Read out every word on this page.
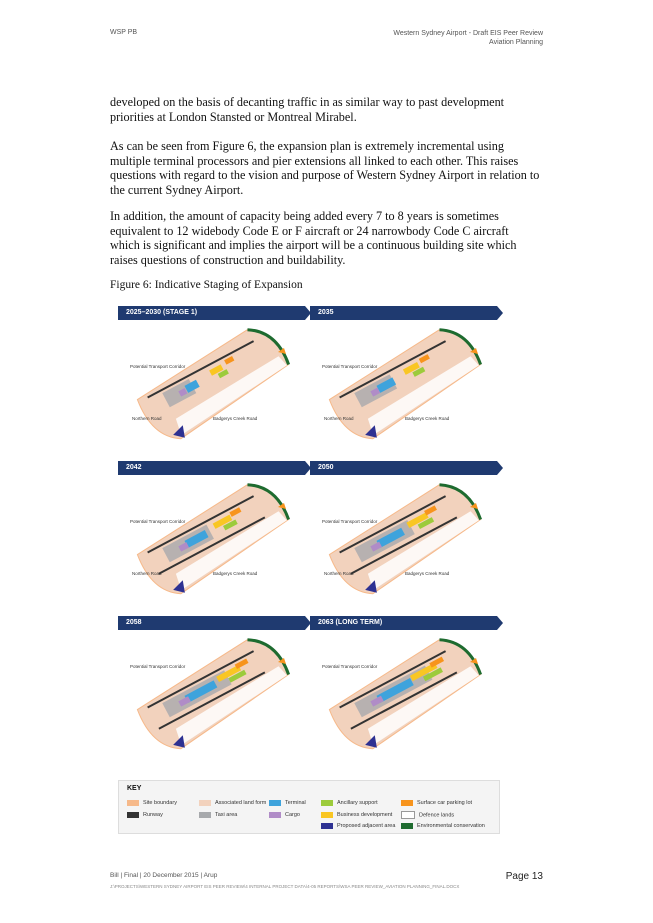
WSP PB	Western Sydney Airport - Draft EIS Peer Review
Aviation Planning
developed on the basis of decanting traffic in as similar way to past development priorities at London Stansted or Montreal Mirabel.
As can be seen from Figure 6, the expansion plan is extremely incremental using multiple terminal processors and pier extensions all linked to each other. This raises questions with regard to the vision and purpose of Western Sydney Airport in relation to the current Sydney Airport.
In addition, the amount of capacity being added every 7 to 8 years is sometimes equivalent to 12 widebody Code E or F aircraft or 24 narrowbody Code C aircraft which is significant and implies the airport will be a continuous building site which raises questions of construction and buildability.
Figure 6: Indicative Staging of Expansion
2025–2030 (STAGE 1)
Potential Transport Corridor
Northern Road	Badgerys Creek Road
2035
Potential Transport Corridor
Northern Road	Badgerys Creek Road
2042
Potential Transport Corridor
Northern Road	Badgerys Creek Road
2050
Potential Transport Corridor
Northern Road	Badgerys Creek Road
2058
Potential Transport Corridor
2063 (LONG TERM)
Potential Transport Corridor
KEY
Site boundary	Associated land form	Terminal	Ancillary support	Surface car parking lot
Runway	Taxi area	Cargo	Business development	Defence lands
Proposed adjacent area	Environmental conservation
Bill | Final | 20 December 2015 | Arup	Page 13
J:\PROJECTS\WESTERN SYDNEY AIRPORT EIS PEER REVIEW\4 INTERNAL PROJECT DATA\4-05 REPORTS\WSA PEER REVIEW_AVIATION PLANNING_FINAL.DOCX
